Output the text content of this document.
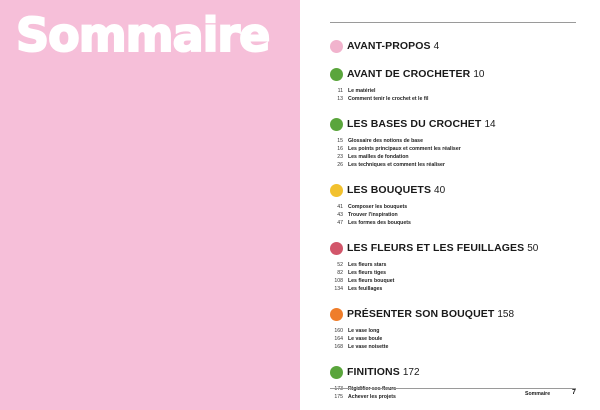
Sommaire	AVANT-PROPOS 4
AVANT DE CROCHETER 10
11 Le matériel
13 Comment tenir le crochet et le fil
LES BASES DU CROCHET 14
15 Glossaire des notions de base
16 Les points principaux et comment les réaliser
23 Les mailles de fondation
26 Les techniques et comment les réaliser
LES BOUQUETS 40
41 Composer les bouquets
43 Trouver l'inspiration
47 Les formes des bouquets
LES FLEURS ET LES FEUILLAGES 50
52 Les fleurs stars
82 Les fleurs tiges
108 Les fleurs bouquet
134 Les feuillages
PRÉSENTER SON BOUQUET 158
160 Le vase long
164 Le vase boule
168 Le vase noisette
FINITIONS 172
173 Rigidifier ses fleurs
175 Achever les projets	Sommaire	7
